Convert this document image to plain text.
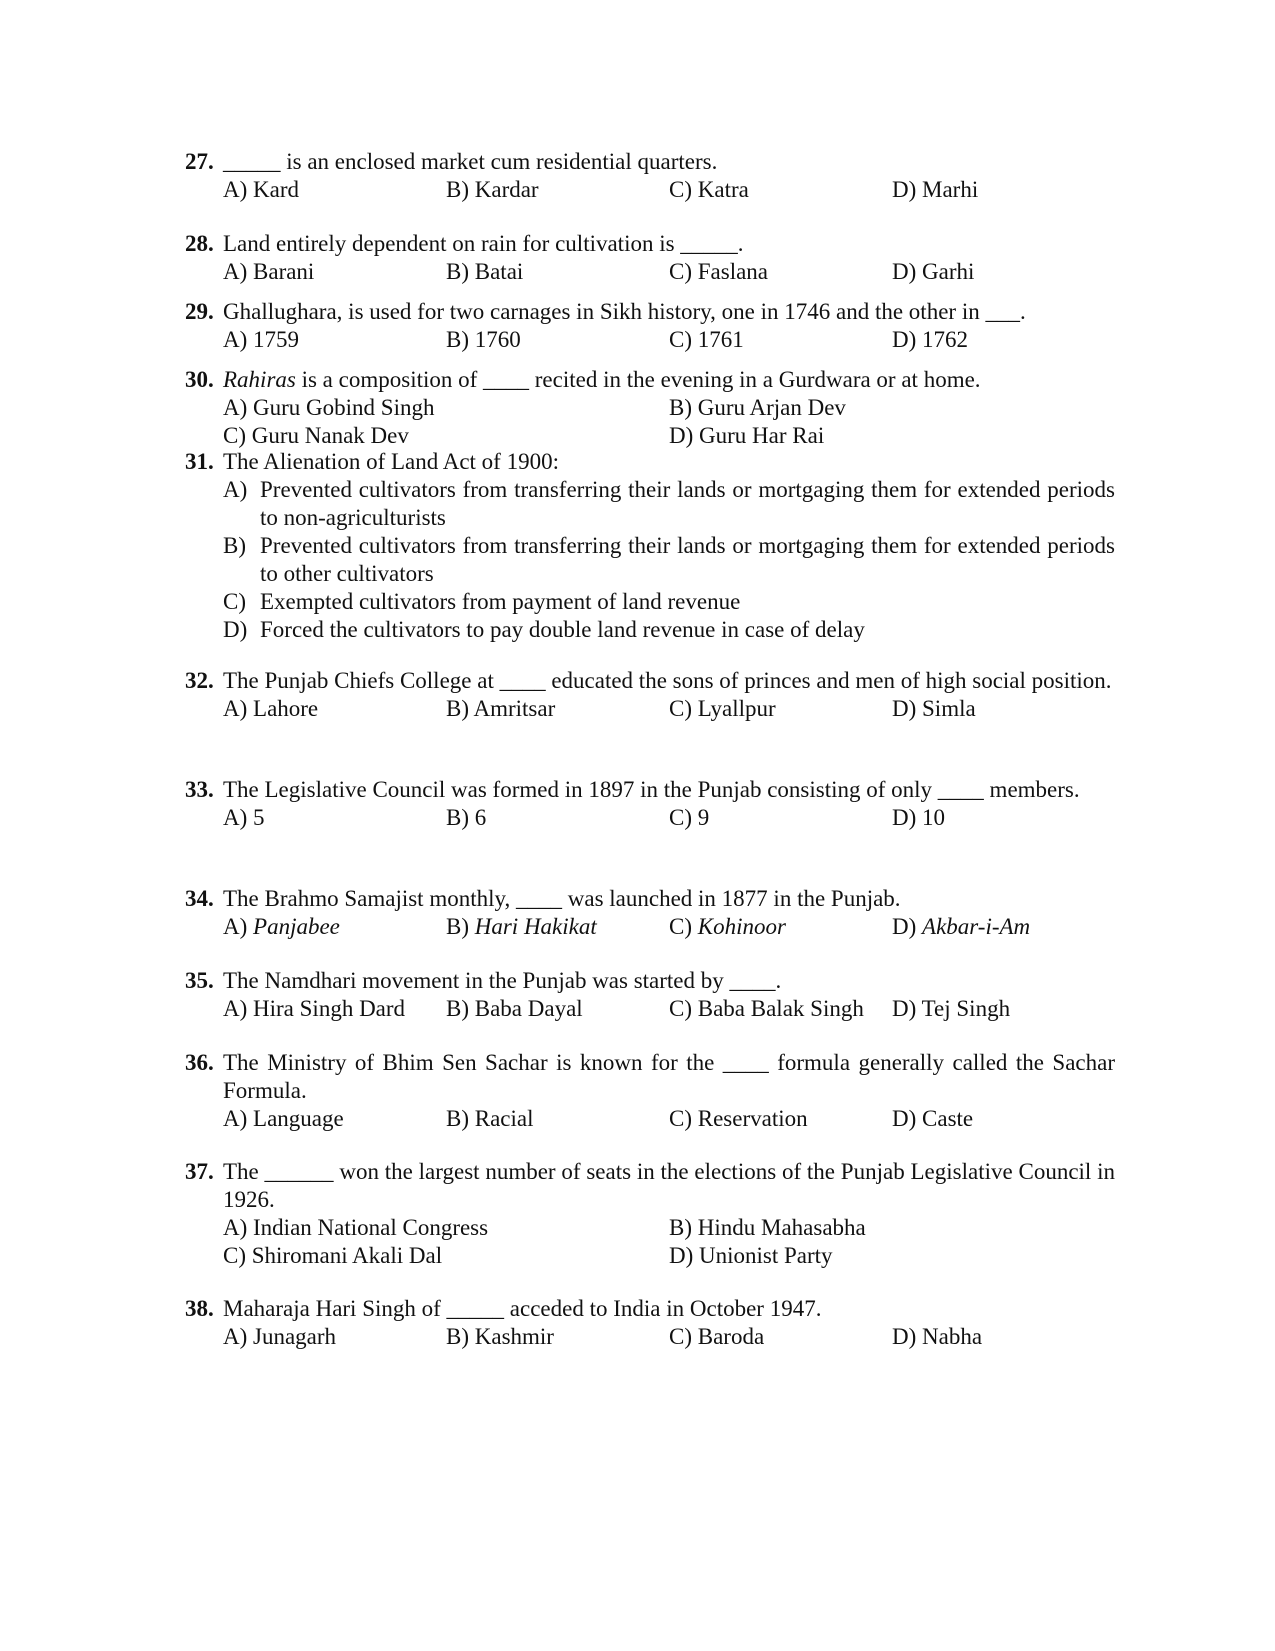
27. _____ is an enclosed market cum residential quarters.
A) Kard	B) Kardar	C) Katra	D) Marhi
28. Land entirely dependent on rain for cultivation is _____.
A) Barani	B) Batai	C) Faslana	D) Garhi
29. Ghallughara, is used for two carnages in Sikh history, one in 1746 and the other in ___.
A) 1759	B) 1760	C) 1761	D) 1762
30. Rahiras is a composition of ____ recited in the evening in a Gurdwara or at home.
A) Guru Gobind Singh	B) Guru Arjan Dev
C) Guru Nanak Dev	D) Guru Har Rai
31. The Alienation of Land Act of 1900:
A) Prevented cultivators from transferring their lands or mortgaging them for extended periods to non-agriculturists
B) Prevented cultivators from transferring their lands or mortgaging them for extended periods to other cultivators
C) Exempted cultivators from payment of land revenue
D) Forced the cultivators to pay double land revenue in case of delay
32. The Punjab Chiefs College at ____ educated the sons of princes and men of high social position.
A) Lahore	B) Amritsar	C) Lyallpur	D) Simla
33. The Legislative Council was formed in 1897 in the Punjab consisting of only ____ members.
A) 5	B) 6	C) 9	D) 10
34. The Brahmo Samajist monthly, ____ was launched in 1877 in the Punjab.
A) Panjabee	B) Hari Hakikat	C) Kohinoor	D) Akbar-i-Am
35. The Namdhari movement in the Punjab was started by ____.
A) Hira Singh Dard B) Baba Dayal	C) Baba Balak Singh D) Tej Singh
36. The Ministry of Bhim Sen Sachar is known for the ____ formula generally called the Sachar Formula.
A) Language	B) Racial	C) Reservation	D) Caste
37. The ______ won the largest number of seats in the elections of the Punjab Legislative Council in 1926.
A) Indian National Congress	B) Hindu Mahasabha
C) Shiromani Akali Dal	D) Unionist Party
38. Maharaja Hari Singh of _____ acceded to India in October 1947.
A) Junagarh	B) Kashmir	C) Baroda	D) Nabha
